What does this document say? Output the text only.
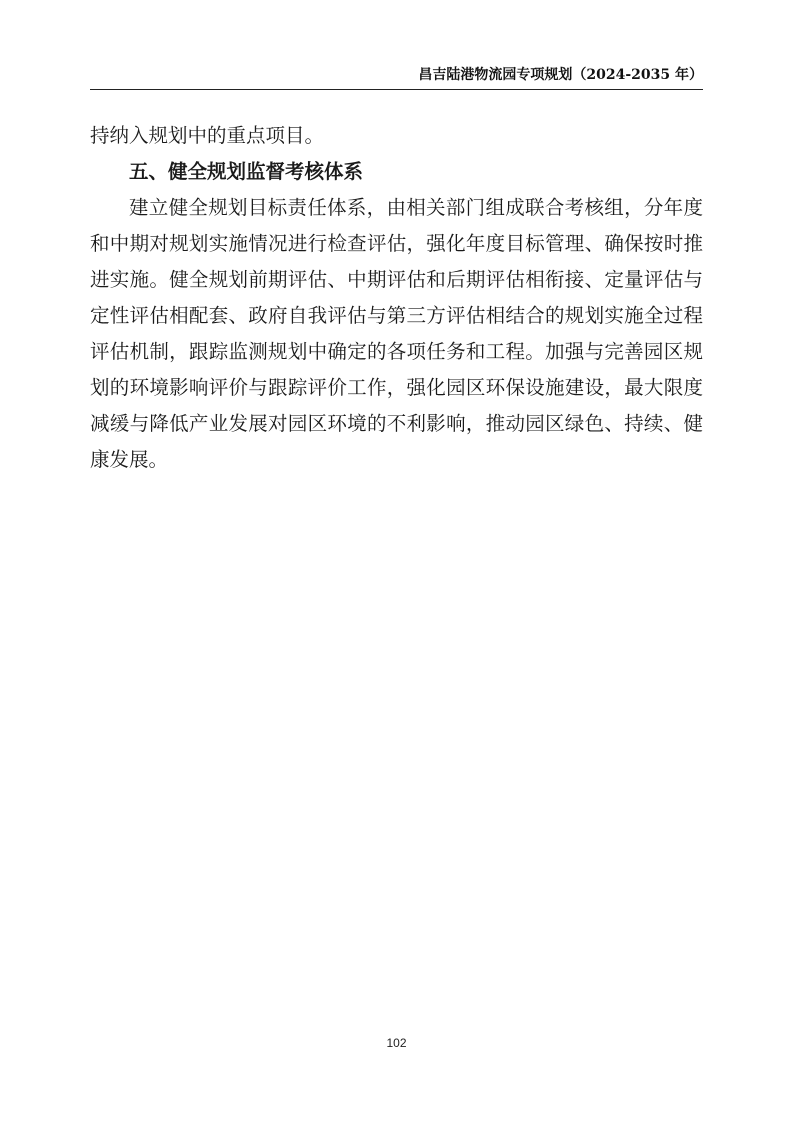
昌吉陆港物流园专项规划（2024-2035 年）

持纳入规划中的重点项目。

五、健全规划监督考核体系

建立健全规划目标责任体系，由相关部门组成联合考核组，分年度和中期对规划实施情况进行检查评估，强化年度目标管理、确保按时推进实施。健全规划前期评估、中期评估和后期评估相衔接、定量评估与定性评估相配套、政府自我评估与第三方评估相结合的规划实施全过程评估机制，跟踪监测规划中确定的各项任务和工程。加强与完善园区规划的环境影响评价与跟踪评价工作，强化园区环保设施建设，最大限度减缓与降低产业发展对园区环境的不利影响，推动园区绿色、持续、健康发展。

102
